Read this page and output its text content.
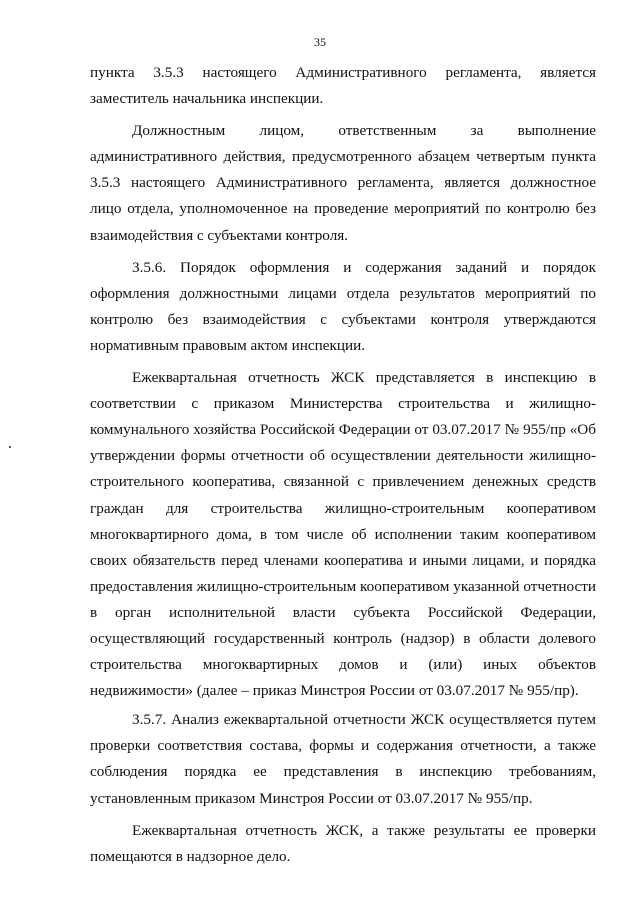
35

пункта 3.5.3 настоящего Административного регламента, является заместитель начальника инспекции.

Должностным лицом, ответственным за выполнение административного действия, предусмотренного абзацем четвертым пункта 3.5.3 настоящего Административного регламента, является должностное лицо отдела, уполномоченное на проведение мероприятий по контролю без взаимодействия с субъектами контроля.

3.5.6. Порядок оформления и содержания заданий и порядок оформления должностными лицами отдела результатов мероприятий по контролю без взаимодействия с субъектами контроля утверждаются нормативным правовым актом инспекции.

Ежеквартальная отчетность ЖСК представляется в инспекцию в соответствии с приказом Министерства строительства и жилищно-коммунального хозяйства Российской Федерации от 03.07.2017 № 955/пр «Об утверждении формы отчетности об осуществлении деятельности жилищно-строительного кооператива, связанной с привлечением денежных средств граждан для строительства жилищно-строительным кооперативом многоквартирного дома, в том числе об исполнении таким кооперативом своих обязательств перед членами кооператива и иными лицами, и порядка предоставления жилищно-строительным кооперативом указанной отчетности в орган исполнительной власти субъекта Российской Федерации, осуществляющий государственный контроль (надзор) в области долевого строительства многоквартирных домов и (или) иных объектов недвижимости» (далее – приказ Минстроя России от 03.07.2017 № 955/пр).

3.5.7. Анализ ежеквартальной отчетности ЖСК осуществляется путем проверки соответствия состава, формы и содержания отчетности, а также соблюдения порядка ее представления в инспекцию требованиям, установленным приказом Минстроя России от 03.07.2017 № 955/пр.

Ежеквартальная отчетность ЖСК, а также результаты ее проверки помещаются в надзорное дело.
